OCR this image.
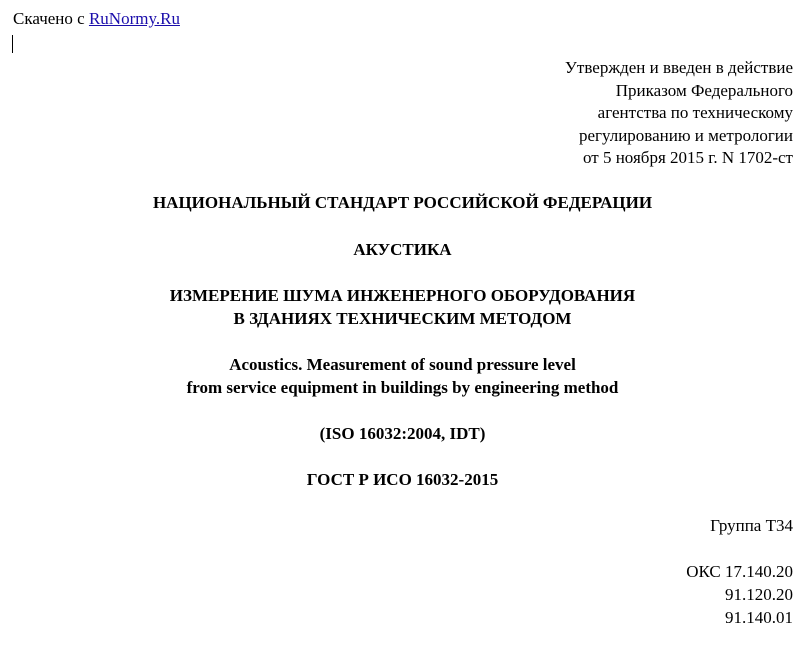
Скачено с RuNormy.Ru
Утвержден и введен в действие
Приказом Федерального
агентства по техническому
регулированию и метрологии
от 5 ноября 2015 г. N 1702-ст
НАЦИОНАЛЬНЫЙ СТАНДАРТ РОССИЙСКОЙ ФЕДЕРАЦИИ
АКУСТИКА
ИЗМЕРЕНИЕ ШУМА ИНЖЕНЕРНОГО ОБОРУДОВАНИЯ
В ЗДАНИЯХ ТЕХНИЧЕСКИМ МЕТОДОМ
Acoustics. Measurement of sound pressure level
from service equipment in buildings by engineering method
(ISO 16032:2004, IDT)
ГОСТ Р ИСО 16032-2015
Группа Т34
ОКС 17.140.20
91.120.20
91.140.01
